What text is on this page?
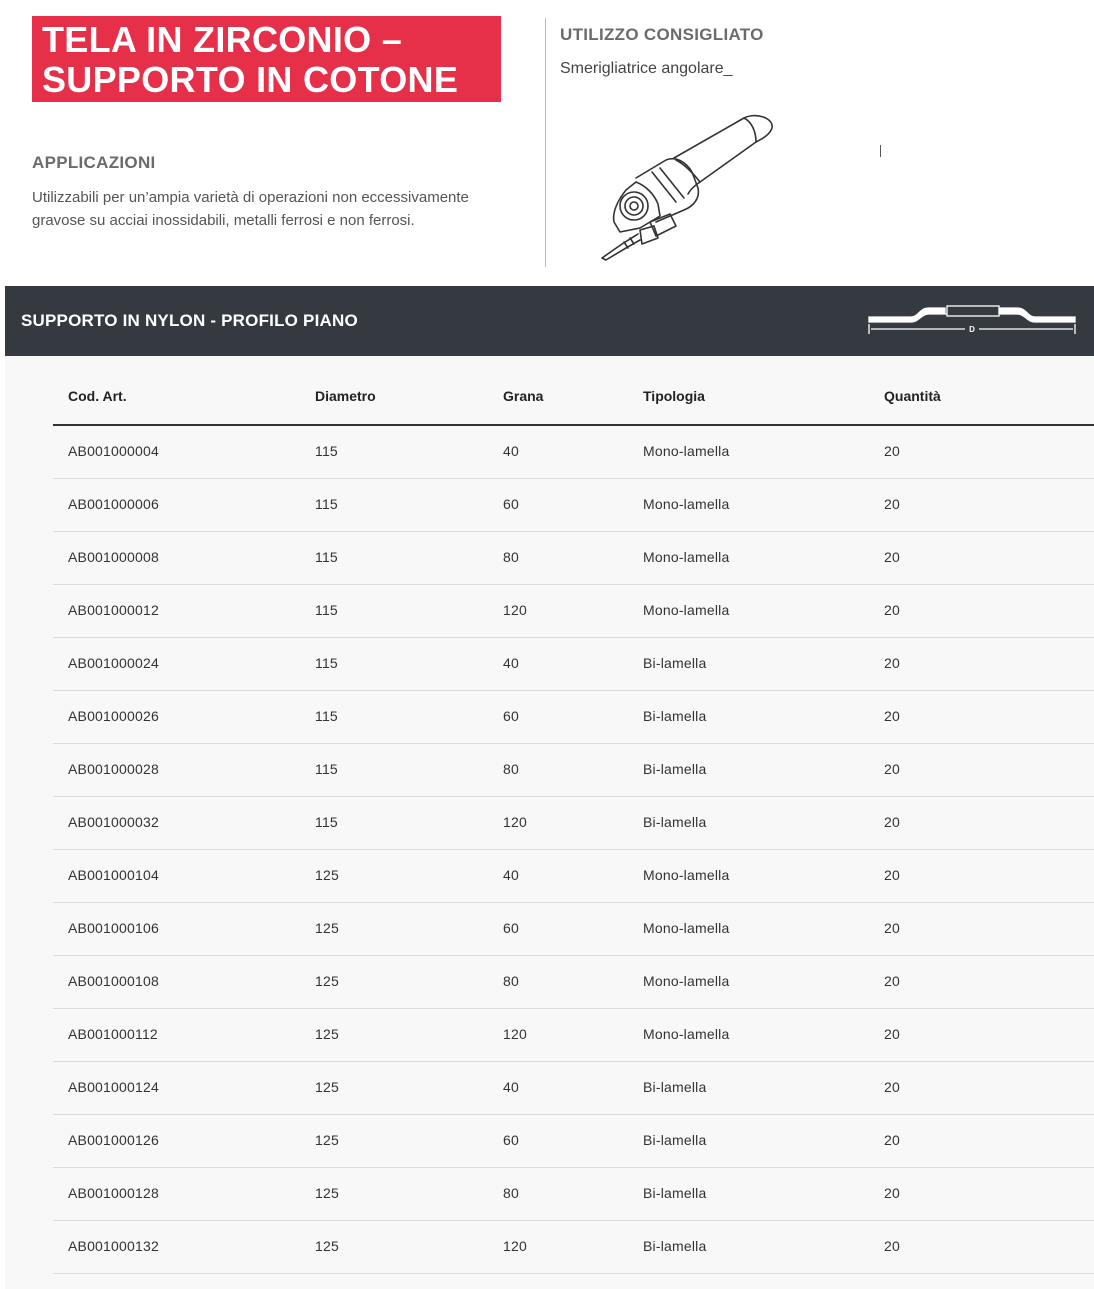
TELA IN ZIRCONIO –
SUPPORTO IN COTONE
APPLICAZIONI
Utilizzabili per un’ampia varietà di operazioni non eccessivamente gravose su acciai inossidabili, metalli ferrosi e non ferrosi.
UTILIZZO CONSIGLIATO
Smerigliatrice angolare_
SUPPORTO IN NYLON - PROFILO PIANO	D
Cod. Art.	Diametro	Grana	Tipologia	Quantità
AB001000004	115	40	Mono-lamella	20
AB001000006	115	60	Mono-lamella	20
AB001000008	115	80	Mono-lamella	20
AB001000012	115	120	Mono-lamella	20
AB001000024	115	40	Bi-lamella	20
AB001000026	115	60	Bi-lamella	20
AB001000028	115	80	Bi-lamella	20
AB001000032	115	120	Bi-lamella	20
AB001000104	125	40	Mono-lamella	20
AB001000106	125	60	Mono-lamella	20
AB001000108	125	80	Mono-lamella	20
AB001000112	125	120	Mono-lamella	20
AB001000124	125	40	Bi-lamella	20
AB001000126	125	60	Bi-lamella	20
AB001000128	125	80	Bi-lamella	20
AB001000132	125	120	Bi-lamella	20
